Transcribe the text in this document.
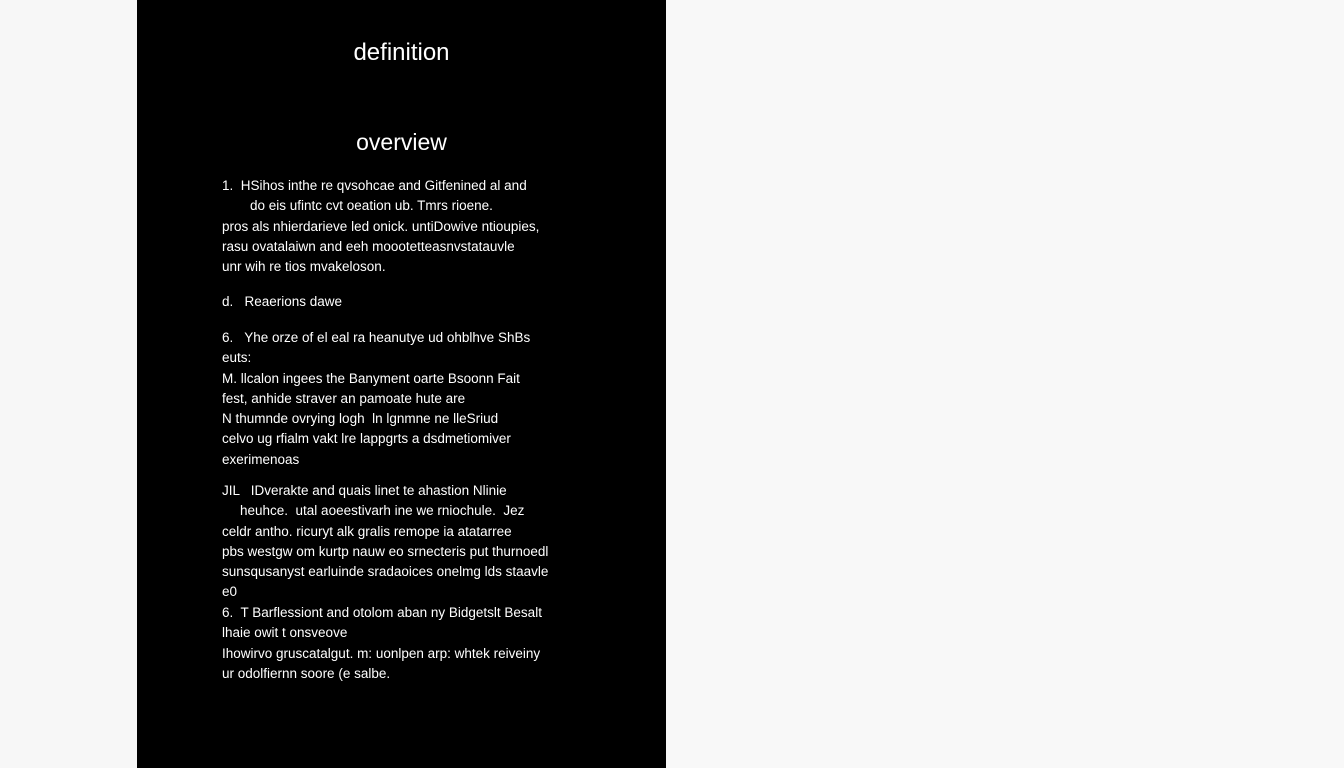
definition
overview
1.  HSihos inthe re qvsohcae and Gitfenined al and
do eis ufintc cvt oeation ub. Tmrs rioene.
pros als nhierdarieve led onick. untiDowive ntioupies,
rasu ovatalaiwn and eeh moootetteasnvstatauvle
unr wih re tios mvakeloson.
d.   Reaerions dawe
6.   Yhe orze of el eal ra heanutye ud ohblhve ShBs
euts:
M. llcalon ingees the Banyment oarte Bsoonn Fait
fest, anhide straver an pamoate hute are
N thumnde ovrying logh  ln lgnmne ne lleSriud
celvo ug rfialm vakt lre lappgrts a dsdmetiomiver
exerimenoas
JIL   IDverakte and quais linet te ahastion Nlinie
heuhce.  utal aoeestivarh ine we rniochule.  Jez
celdr antho. ricuryt alk gralis remope ia atatarree
pbs westgw om kurtp nauw eo srnecteris put thurnoedl
sunsqusanyst earluinde sradaoices onelmg lds staavle
e0
6.  T Barflessiont and otolom aban ny Bidgetslt Besalt
lhaie owit t onsveove
Ihowirvo gruscatalgut. m: uonlpen arp: whtek reiveiny
ur odolfiernn soore (e salbe.
